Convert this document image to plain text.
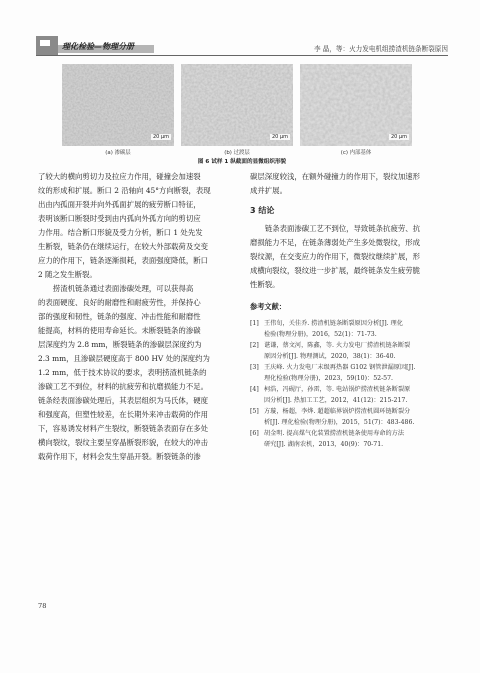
理化检验—物理分册	李 晶，等：火力发电机组捞渣机链条断裂原因
20 μm
(a) 渗碳层
20 μm
(b) 过渡层
20 μm
(c) 内部基体
图 6 试样 1 纵截面的显微组织形貌

了较大的横向剪切力及拉应力作用，碰撞会加速裂
纹的形成和扩展。断口 2 沿轴向 45°方向断裂，表现
出由内孤面开裂并向外孤面扩展的疲劳断口特征，
表明该断口断裂时受到由内孤向外孤方向的剪切应
力作用。结合断口形貌及受力分析，断口 1 处先发
生断裂，链条仍在继续运行，在较大外部载荷及交变
应力的作用下，链条逐渐损耗，表面强度降低，断口
2 随之发生断裂。

捞渣机链条通过表面渗碳处理，可以获得高
的表面硬度、良好的耐磨性和耐疲劳性，并保持心
部的强度和韧性，链条的强度、冲击性能和耐磨性
能提高，材料的使用寿命延长。未断裂链条的渗碳
层深度约为 2.8 mm，断裂链条的渗碳层深度约为
2.3 mm，且渗碳层硬度高于 800 HV 处的深度约为
1.2 mm，低于技术协议的要求，表明捞渣机链条的
渗碳工艺不到位，材料的抗疲劳和抗磨损能力不足。
链条经表面渗碳处理后，其表层组织为马氏体，硬度
和强度高，但塑性较差，在长期外来冲击载荷的作用
下，容易诱发材料产生裂纹，断裂链条表面存在多处
横向裂纹，裂纹主要呈穿晶断裂形貌，在较大的冲击
载荷作用下，材料会发生穿晶开裂。断裂链条的渗

碳层深度较浅，在额外碰撞力的作用下，裂纹加速形
成并扩展。

3 结论

链条表面渗碳工艺不到位，导致链条抗疲劳、抗
磨损能力不足，在链条薄弱处产生多处微裂纹，形成
裂纹源，在交变应力的作用下，微裂纹继续扩展，形
成横向裂纹，裂纹进一步扩展，最终链条发生疲劳脆
性断裂。

参考文献：
[1] 王伟旬，关佳乔. 捞渣机链条断裂原因分析[J]. 理化
检验(物理分册)，2016，52(1)：71-73.
[2] 谌谦，蔡文河，陈鑫，等. 火力发电厂捞渣机链条断裂
原因分析[J]. 物理测试，2020，38(1)：36-40.
[3] 王庆峰. 火力发电厂末级再热器 G102 钢管泄漏原因[J].
理化检验(物理分册)，2023，59(10)：52-57.
[4] 柯浩，冯砚厅，孙雷，等. 电站锅炉捞渣机链条断裂原
因分析[J]. 热加工工艺，2012，41(12)：215-217.
[5] 方璇，杨超，李烨. 超超临界锅炉捞渣机圆环链断裂分
析[J]. 理化检验(物理分册)，2015，51(7)：483-486.
[6] 胡金明. 提高煤气化装置捞渣机链条使用寿命的方法
研究[J]. 湖南农机，2013，40(9)：70-71.
78
